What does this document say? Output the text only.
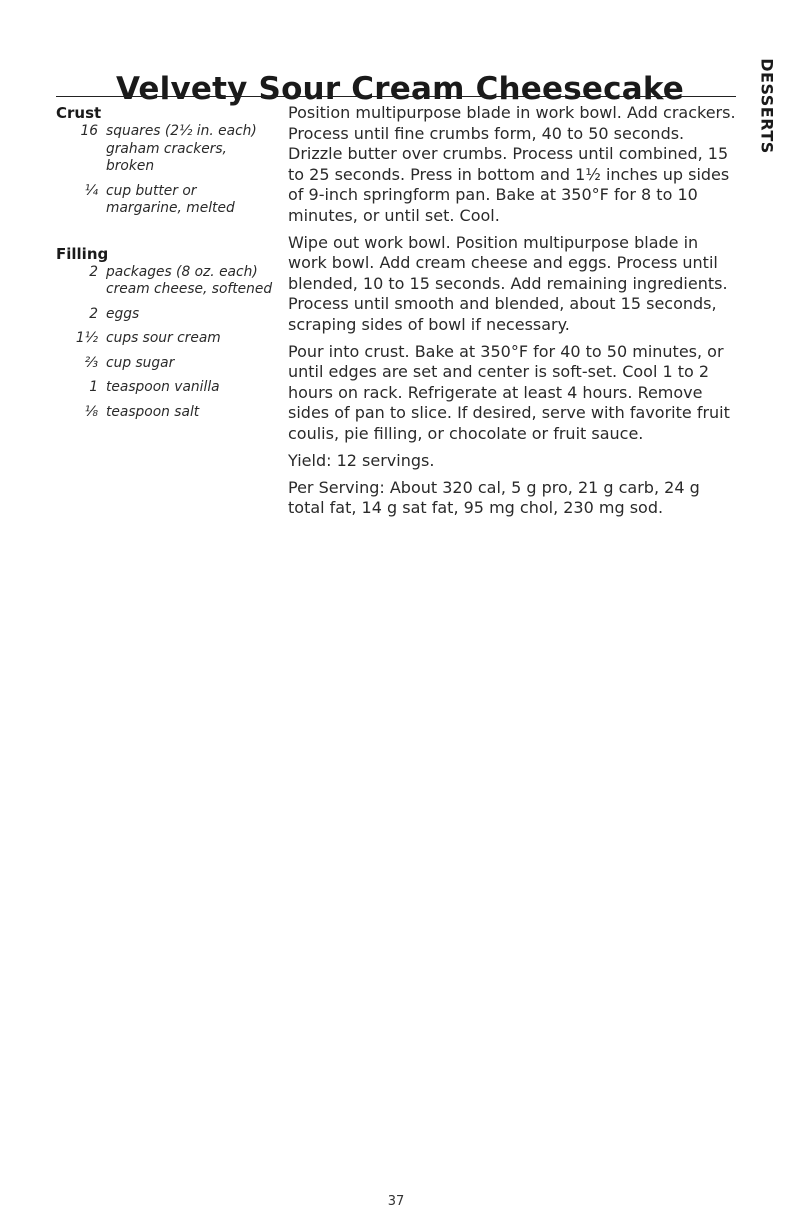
Velvety Sour Cream Cheesecake	DESSERTS
Crust
16 squares (2½ in. each) graham crackers, broken
¼ cup butter or margarine, melted
Filling
2 packages (8 oz. each) cream cheese, softened
2 eggs
1½ cups sour cream
⅔ cup sugar
1 teaspoon vanilla
⅛ teaspoon salt

Position multipurpose blade in work bowl. Add crackers. Process until fine crumbs form, 40 to 50 seconds. Drizzle butter over crumbs. Process until combined, 15 to 25 seconds. Press in bottom and 1½ inches up sides of 9-inch springform pan. Bake at 350°F for 8 to 10 minutes, or until set. Cool.

Wipe out work bowl. Position multipurpose blade in work bowl. Add cream cheese and eggs. Process until blended, 10 to 15 seconds. Add remaining ingredients. Process until smooth and blended, about 15 seconds, scraping sides of bowl if necessary.

Pour into crust. Bake at 350°F for 40 to 50 minutes, or until edges are set and center is soft-set. Cool 1 to 2 hours on rack. Refrigerate at least 4 hours. Remove sides of pan to slice. If desired, serve with favorite fruit coulis, pie filling, or chocolate or fruit sauce.

Yield: 12 servings.

Per Serving: About 320 cal, 5 g pro, 21 g carb, 24 g total fat, 14 g sat fat, 95 mg chol, 230 mg sod.

37
